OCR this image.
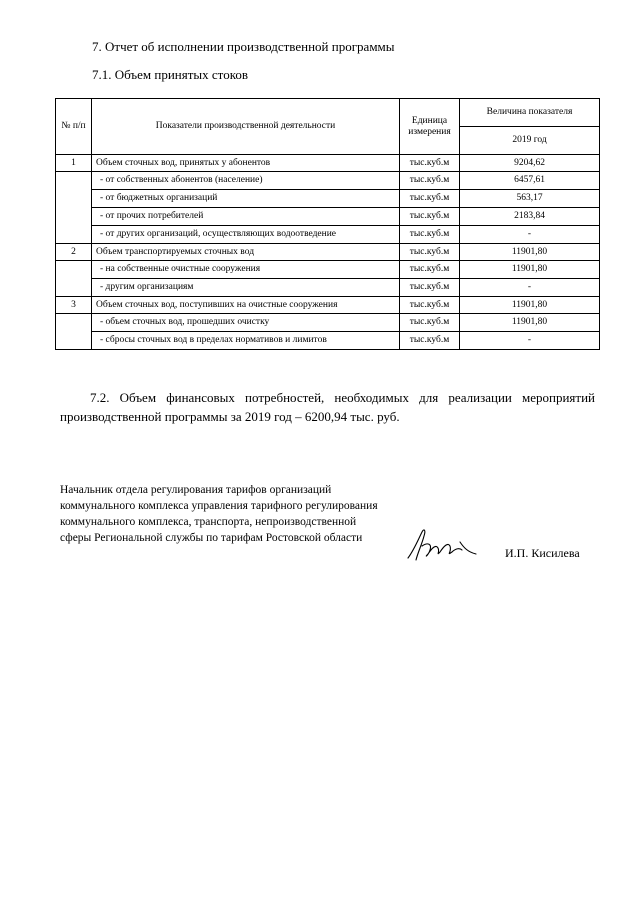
7. Отчет об исполнении производственной программы
7.1. Объем принятых стоков
№ п/п	Показатели производственной деятельности	Единица измерения	Величина показателя
			2019 год
1	Объем сточных вод, принятых у абонентов	тыс.куб.м	9204,62
	- от собственных абонентов (население)	тыс.куб.м	6457,61
	- от бюджетных организаций	тыс.куб.м	563,17
	- от прочих потребителей	тыс.куб.м	2183,84
	- от других организаций, осуществляющих водоотведение	тыс.куб.м	-
2	Объем транспортируемых сточных вод	тыс.куб.м	11901,80
	- на собственные очистные сооружения	тыс.куб.м	11901,80
	- другим организациям	тыс.куб.м	-
3	Объем сточных вод, поступивших на очистные сооружения	тыс.куб.м	11901,80
	- объем сточных вод, прошедших очистку	тыс.куб.м	11901,80
	- сбросы сточных вод в пределах нормативов и лимитов	тыс.куб.м	-
7.2. Объем финансовых потребностей, необходимых для реализации мероприятий производственной программы за 2019 год – 6200,94 тыс. руб.
Начальник отдела регулирования тарифов организаций коммунального комплекса управления тарифного регулирования коммунального комплекса, транспорта, непроизводственной сферы Региональной службы по тарифам Ростовской области
И.П. Кисилева
